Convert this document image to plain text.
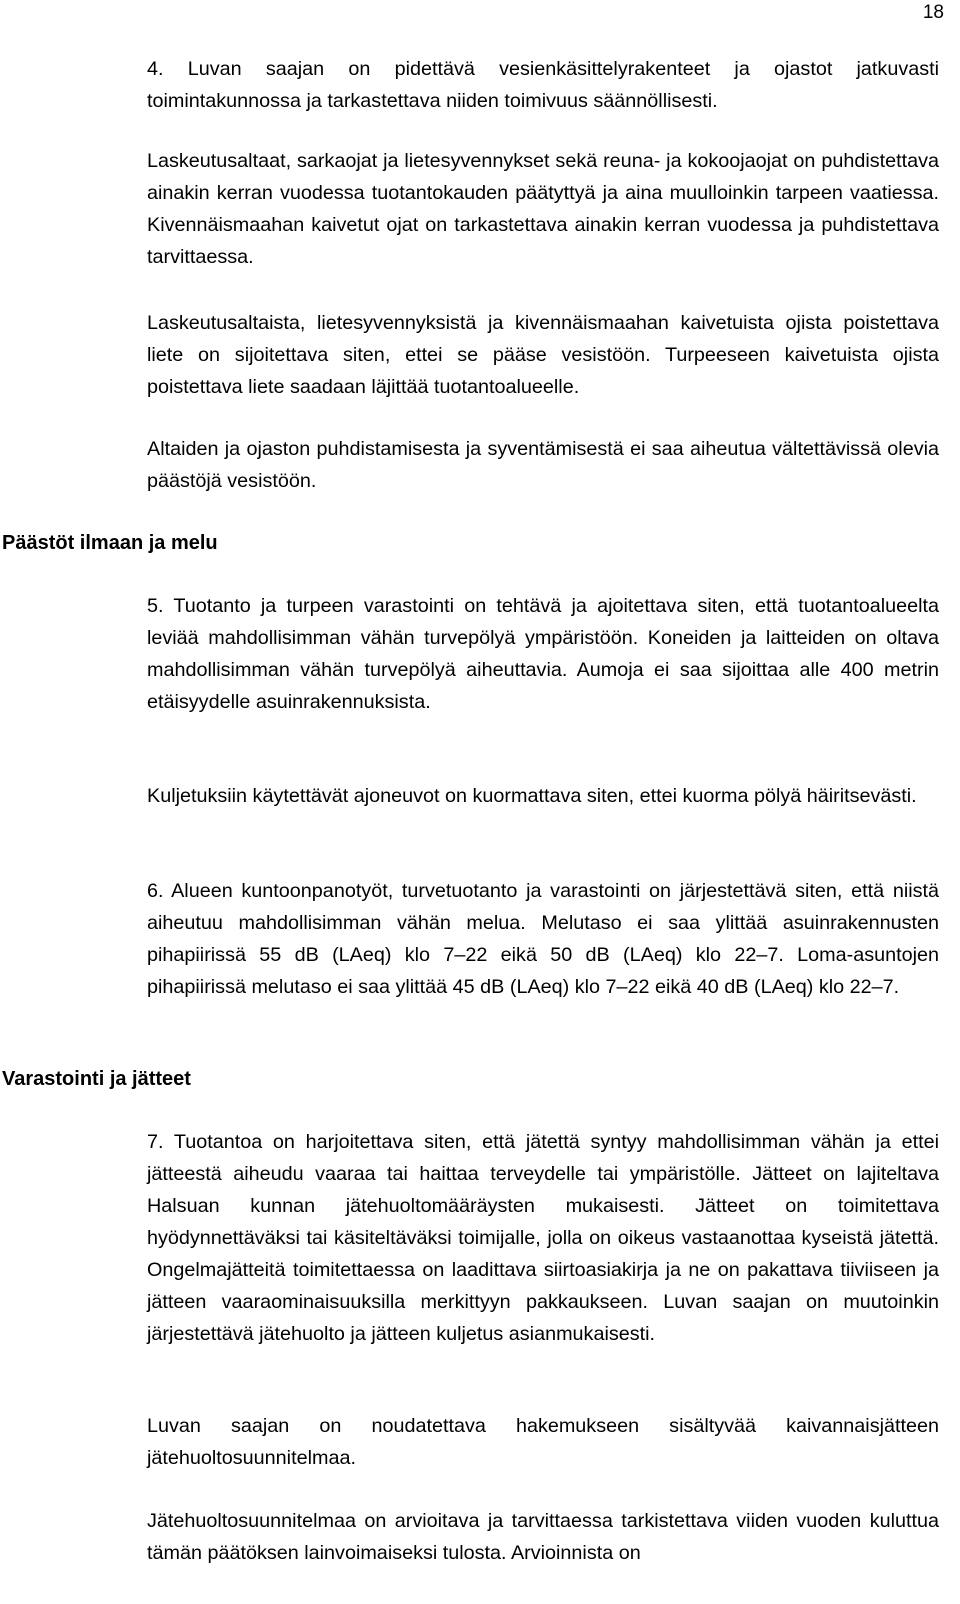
18

4. Luvan saajan on pidettävä vesienkäsittelyrakenteet ja ojastot jatkuvasti toimintakunnossa ja tarkastettava niiden toimivuus säännöllisesti.

Laskeutusaltaat, sarkaojat ja lietesyvennykset sekä reuna- ja kokoojaojat on puhdistettava ainakin kerran vuodessa tuotantokauden päätyttyä ja aina muulloinkin tarpeen vaatiessa. Kivennäismaahan kaivetut ojat on tarkastettava ainakin kerran vuodessa ja puhdistettava tarvittaessa.

Laskeutusaltaista, lietesyvennyksistä ja kivennäismaahan kaivetuista ojista poistettava liete on sijoitettava siten, ettei se pääse vesistöön. Turpeeseen kaivetuista ojista poistettava liete saadaan läjittää tuotantoalueelle.

Altaiden ja ojaston puhdistamisesta ja syventämisestä ei saa aiheutua vältettävissä olevia päästöjä vesistöön.

Päästöt ilmaan ja melu

5. Tuotanto ja turpeen varastointi on tehtävä ja ajoitettava siten, että tuotantoalueelta leviää mahdollisimman vähän turvepölyä ympäristöön. Koneiden ja laitteiden on oltava mahdollisimman vähän turvepölyä aiheuttavia. Aumoja ei saa sijoittaa alle 400 metrin etäisyydelle asuinrakennuksista.

Kuljetuksiin käytettävät ajoneuvot on kuormattava siten, ettei kuorma pölyä häiritsevästi.

6. Alueen kuntoonpanotyöt, turvetuotanto ja varastointi on järjestettävä siten, että niistä aiheutuu mahdollisimman vähän melua. Melutaso ei saa ylittää asuinrakennusten pihapiirissä 55 dB (LAeq) klo 7–22 eikä 50 dB (LAeq) klo 22–7. Loma-asuntojen pihapiirissä melutaso ei saa ylittää 45 dB (LAeq) klo 7–22 eikä 40 dB (LAeq) klo 22–7.

Varastointi ja jätteet

7. Tuotantoa on harjoitettava siten, että jätettä syntyy mahdollisimman vähän ja ettei jätteestä aiheudu vaaraa tai haittaa terveydelle tai ympäristölle. Jätteet on lajiteltava Halsuan kunnan jätehuoltomääräysten mukaisesti. Jätteet on toimitettava hyödynnettäväksi tai käsiteltäväksi toimijalle, jolla on oikeus vastaanottaa kyseistä jätettä. Ongelmajätteitä toimitettaessa on laadittava siirtoasiakirja ja ne on pakattava tiiviiseen ja jätteen vaaraominaisuuksilla merkittyyn pakkaukseen. Luvan saajan on muutoinkin järjestettävä jätehuolto ja jätteen kuljetus asianmukaisesti.

Luvan saajan on noudatettava hakemukseen sisältyvää kaivannaisjätteen jätehuoltosuunnitelmaa.

Jätehuoltosuunnitelmaa on arvioitava ja tarvittaessa tarkistettava viiden vuoden kuluttua tämän päätöksen lainvoimaiseksi tulosta. Arvioinnista on
